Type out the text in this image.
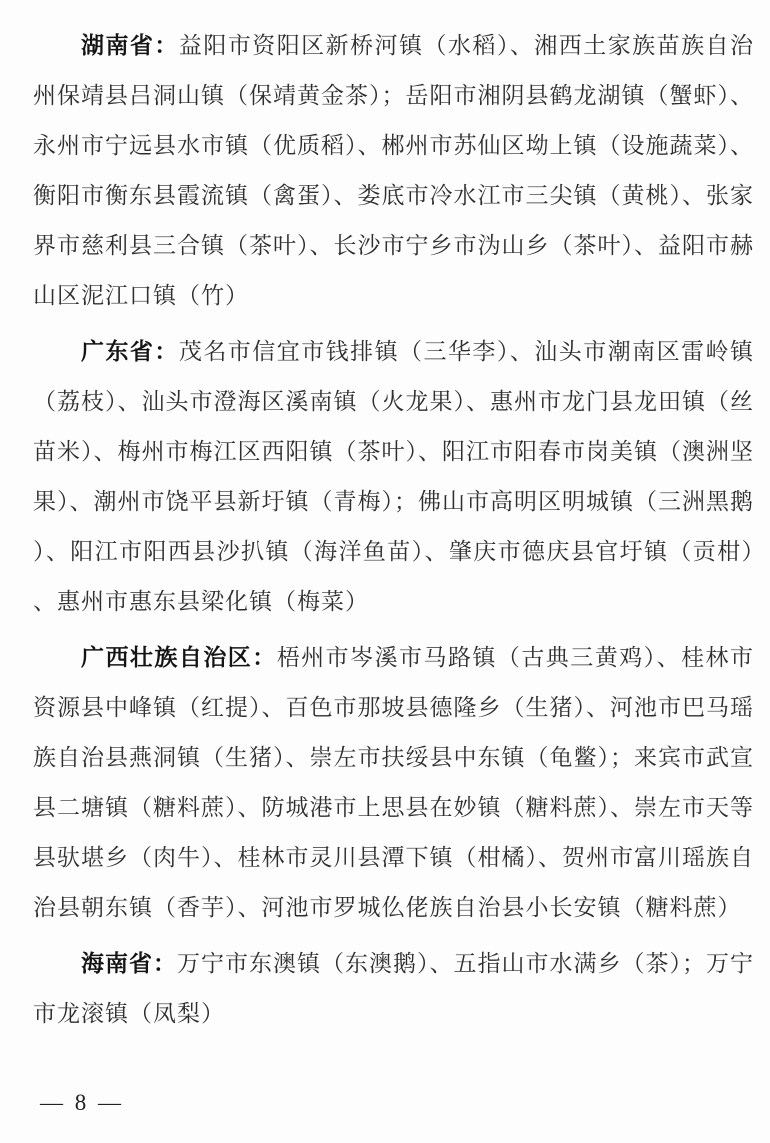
湖南省：益阳市资阳区新桥河镇（水稻）、湘西土家族苗族自治州保靖县吕洞山镇（保靖黄金茶）；岳阳市湘阴县鹤龙湖镇（蟹虾）、永州市宁远县水市镇（优质稻）、郴州市苏仙区坳上镇（设施蔬菜）、衡阳市衡东县霞流镇（禽蛋）、娄底市冷水江市三尖镇（黄桃）、张家界市慈利县三合镇（茶叶）、长沙市宁乡市沩山乡（茶叶）、益阳市赫山区泥江口镇（竹）

广东省：茂名市信宜市钱排镇（三华李）、汕头市潮南区雷岭镇（荔枝）、汕头市澄海区溪南镇（火龙果）、惠州市龙门县龙田镇（丝苗米）、梅州市梅江区西阳镇（茶叶）、阳江市阳春市岗美镇（澳洲坚果）、潮州市饶平县新圩镇（青梅）；佛山市高明区明城镇（三洲黑鹅）、阳江市阳西县沙扒镇（海洋鱼苗）、肇庆市德庆县官圩镇（贡柑）、惠州市惠东县梁化镇（梅菜）

广西壮族自治区：梧州市岑溪市马路镇（古典三黄鸡）、桂林市资源县中峰镇（红提）、百色市那坡县德隆乡（生猪）、河池市巴马瑶族自治县燕洞镇（生猪）、崇左市扶绥县中东镇（龟鳖）；来宾市武宣县二塘镇（糖料蔗）、防城港市上思县在妙镇（糖料蔗）、崇左市天等县驮堪乡（肉牛）、桂林市灵川县潭下镇（柑橘）、贺州市富川瑶族自治县朝东镇（香芋）、河池市罗城仫佬族自治县小长安镇（糖料蔗）

海南省：万宁市东澳镇（东澳鹅）、五指山市水满乡（茶）；万宁市龙滚镇（凤梨）

— 8 —
